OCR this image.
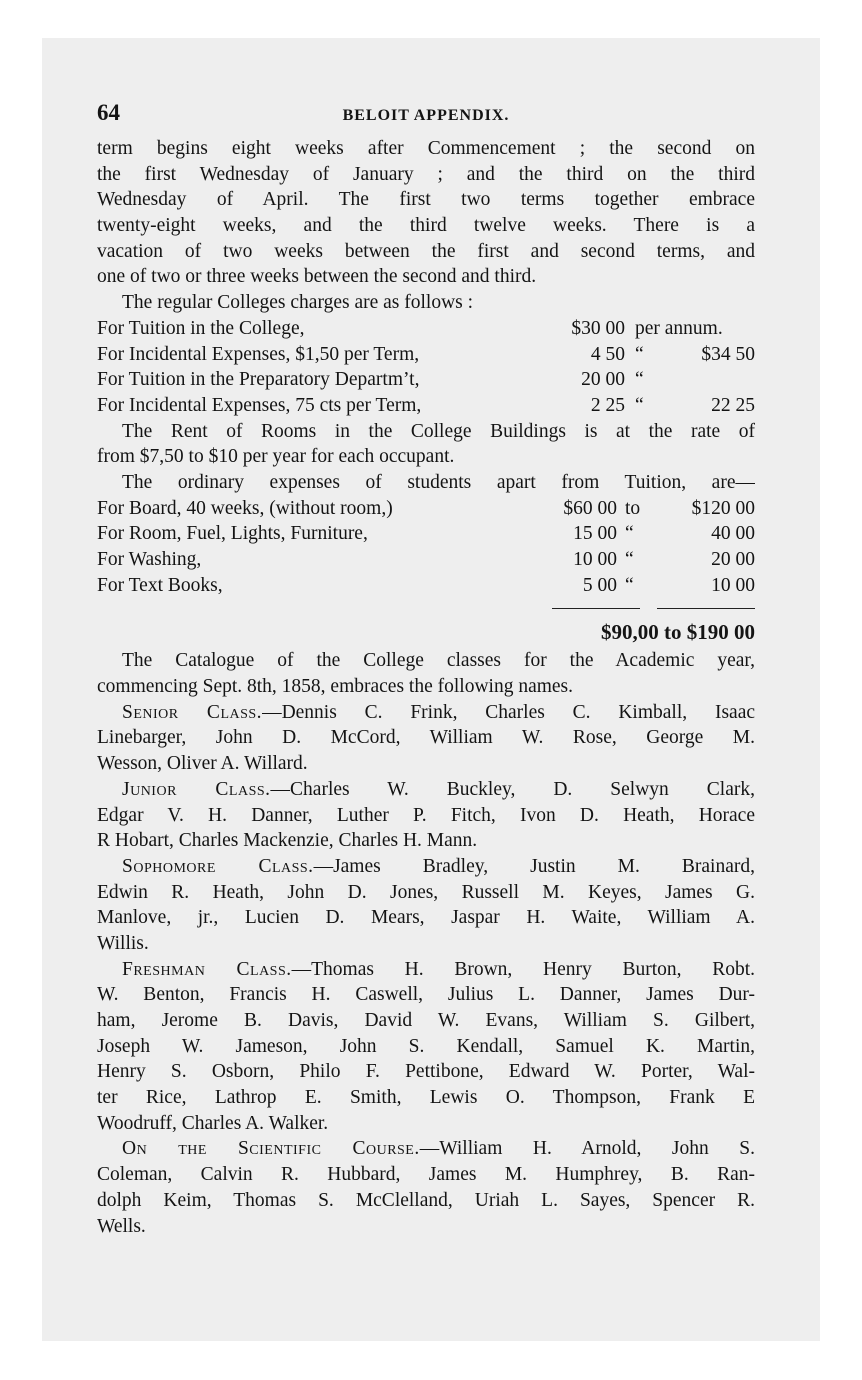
64	BELOIT APPENDIX.
term begins eight weeks after Commencement ; the second on
the first Wednesday of January ; and the third on the third
Wednesday of April. The first two terms together embrace
twenty-eight weeks, and the third twelve weeks. There is a
vacation of two weeks between the first and second terms, and
one of two or three weeks between the second and third.
The regular Colleges charges are as follows :
For Tuition in the College,	$30 00 per annum.
For Incidental Expenses, $1,50 per Term,	4 50 “	$34 50
For Tuition in the Preparatory Departm’t,	20 00 “
For Incidental Expenses, 75 cts per Term,	2 25 “	22 25
The Rent of Rooms in the College Buildings is at the rate of
from $7,50 to $10 per year for each occupant.
The ordinary expenses of students apart from Tuition, are—
For Board, 40 weeks, (without room,)	$60 00 to	$120 00
For Room, Fuel, Lights, Furniture,	15 00 “	40 00
For Washing,	10 00 “	20 00
For Text Books,	5 00 “	10 00
$90,00 to $190 00
The Catalogue of the College classes for the Academic year,
commencing Sept. 8th, 1858, embraces the following names.
Senior Class.—Dennis C. Frink, Charles C. Kimball, Isaac
Linebarger, John D. McCord, William W. Rose, George M.
Wesson, Oliver A. Willard.
Junior Class.—Charles W. Buckley, D. Selwyn Clark,
Edgar V. H. Danner, Luther P. Fitch, Ivon D. Heath, Horace
R Hobart, Charles Mackenzie, Charles H. Mann.
Sophomore Class.—James Bradley, Justin M. Brainard,
Edwin R. Heath, John D. Jones, Russell M. Keyes, James G.
Manlove, jr., Lucien D. Mears, Jaspar H. Waite, William A.
Willis.
Freshman Class.—Thomas H. Brown, Henry Burton, Robt.
W. Benton, Francis H. Caswell, Julius L. Danner, James Dur-
ham, Jerome B. Davis, David W. Evans, William S. Gilbert,
Joseph W. Jameson, John S. Kendall, Samuel K. Martin,
Henry S. Osborn, Philo F. Pettibone, Edward W. Porter, Wal-
ter Rice, Lathrop E. Smith, Lewis O. Thompson, Frank E
Woodruff, Charles A. Walker.
On the Scientific Course.—William H. Arnold, John S.
Coleman, Calvin R. Hubbard, James M. Humphrey, B. Ran-
dolph Keim, Thomas S. McClelland, Uriah L. Sayes, Spencer R.
Wells.
